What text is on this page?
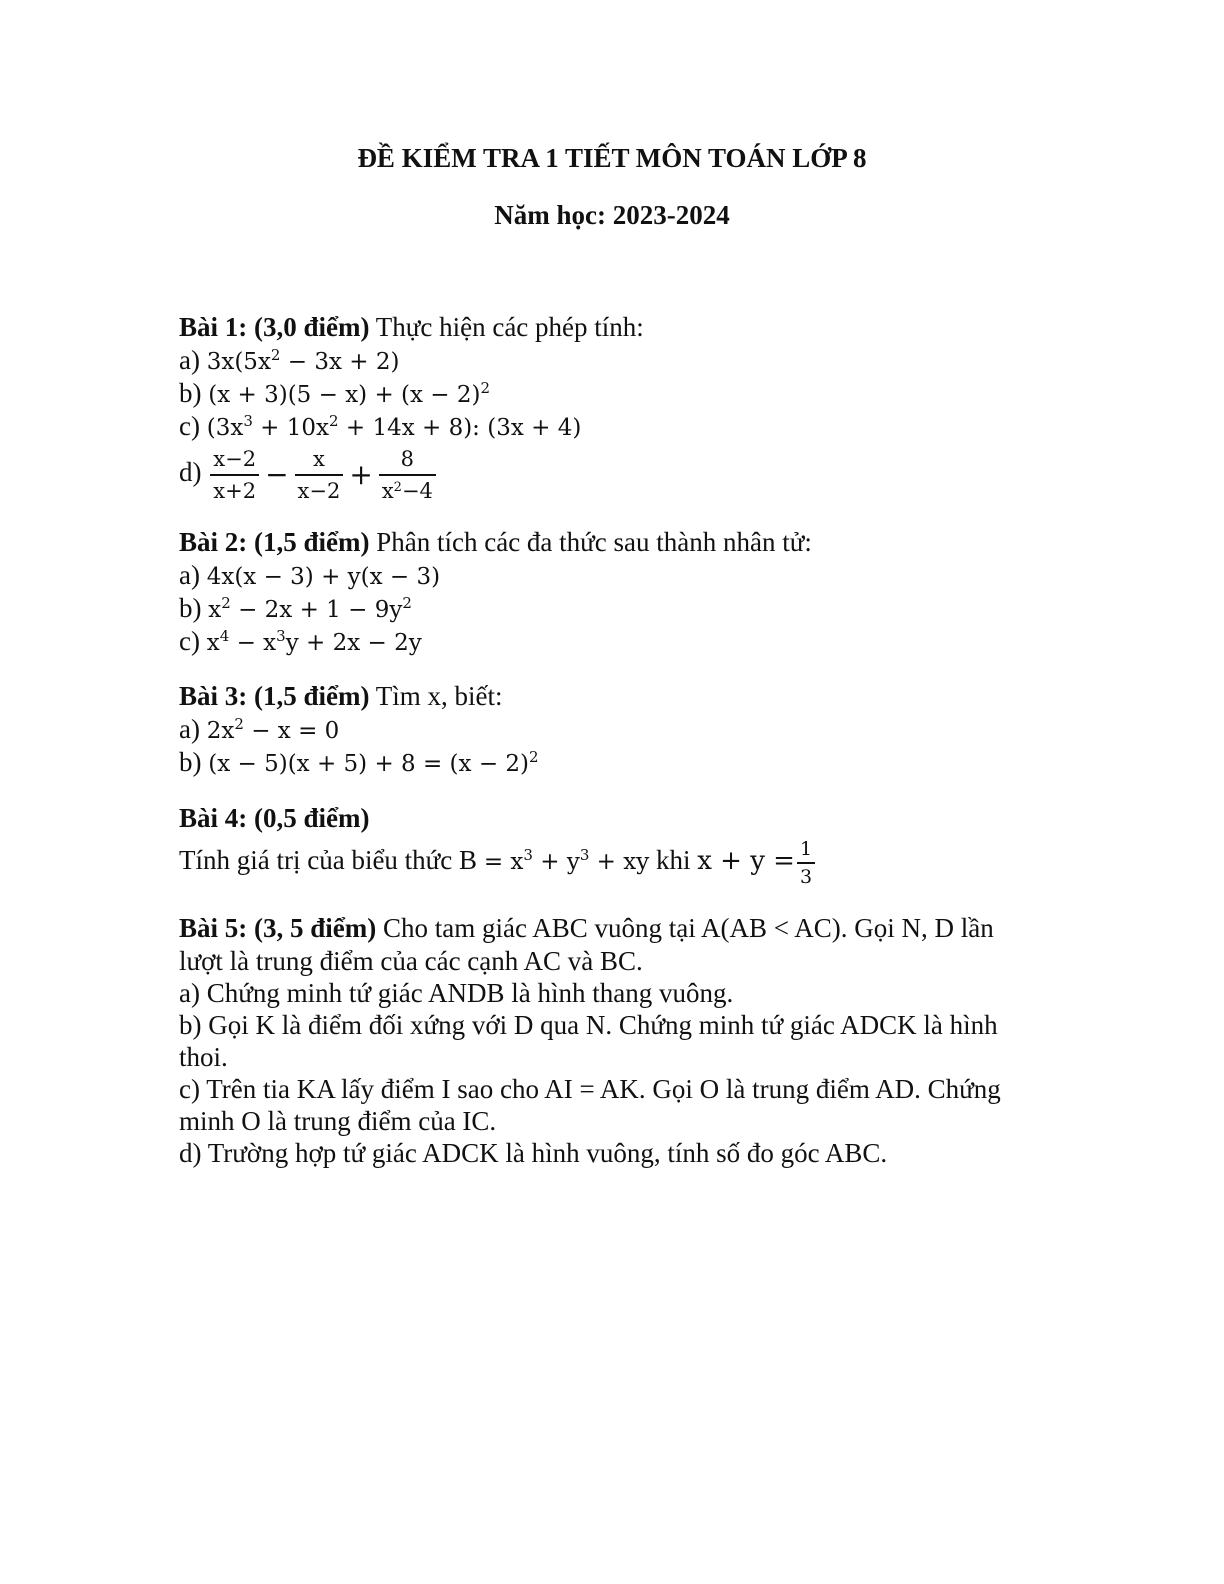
ĐỀ KIỂM TRA 1 TIẾT MÔN TOÁN LỚP 8
Năm học: 2023-2024
Bài 1: (3,0 điểm) Thực hiện các phép tính:
a) $3x(5x^2 - 3x + 2)$
b) $(x + 3)(5 - x) + (x - 2)^2$
c) $(3x^3 + 10x^2 + 14x + 8)$: (3x + 4)
$d) \frac{x-2}{x+2} - \frac{x}{x-2} + \frac{8}{x^2-4}$
Bài 2: (1,5 điểm) Phân tích các đa thức sau thành nhân tử:
a) 4x(x − 3) + y(x − 3)
b) $x^2 - 2x + 1 - 9y^2$
c) $x^4 - x^3y + 2x - 2y$
Bài 3: (1,5 điểm) Tìm x, biết:
a) $2x^2 - x = 0$
b) $(x - 5)(x + 5) + 8 = (x - 2)^2$
Bài 4: (0,5 điểm)
Tính giá trị của biểu thức $B = x^3 + y^3$ + xy khi $x + y = \frac{1}{3}$
Bài 5: (3, 5 điểm) Cho tam giác ABC vuông tại A(AB < AC). Gọi N, D lần
lượt là trung điểm của các cạnh AC và BC.
a) Chứng minh tứ giác ANDB là hình thang vuông.
b) Gọi K là điểm đối xứng với D qua N. Chứng minh tứ giác ADCK là hình
thoi.
c) Trên tia KA lấy điểm I sao cho AI = AK. Gọi O là trung điểm AD. Chứng
minh O là trung điểm của IC.
d) Trường hợp tứ giác ADCK là hình vuông, tính số đo góc ABC.
